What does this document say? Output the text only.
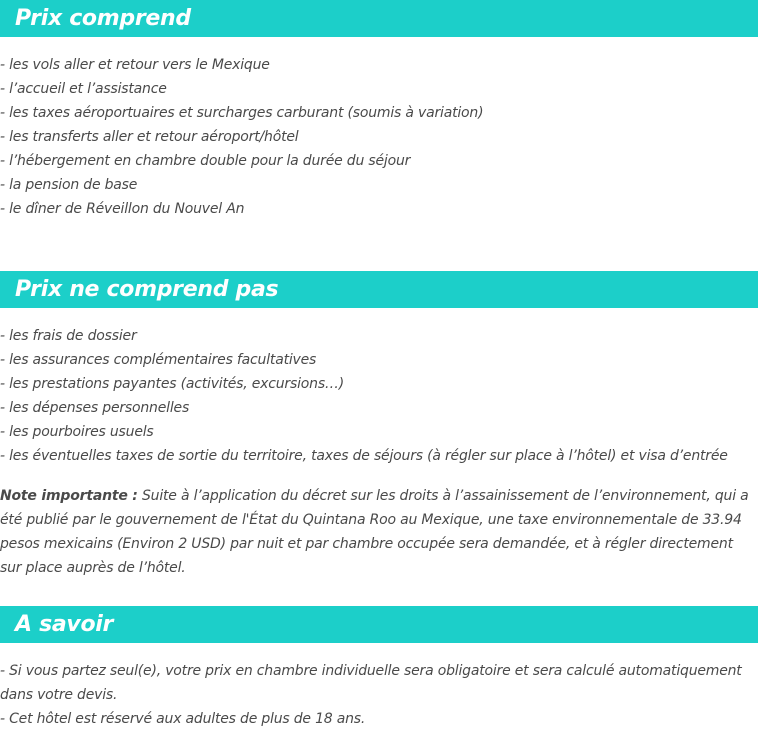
Prix comprend
- les vols aller et retour vers le Mexique
- l’accueil et l’assistance
- les taxes aéroportuaires et surcharges carburant (soumis à variation)
- les transferts aller et retour aéroport/hôtel
- l’hébergement en chambre double pour la durée du séjour
- la pension de base
- le dîner de Réveillon du Nouvel An
Prix ne comprend pas
- les frais de dossier
- les assurances complémentaires facultatives
- les prestations payantes (activités, excursions…)
- les dépenses personnelles
- les pourboires usuels
- les éventuelles taxes de sortie du territoire, taxes de séjours (à régler sur place à l’hôtel) et visa d’entrée

Note importante : Suite à l’application du décret sur les droits à l’assainissement de l’environnement, qui a été publié par le gouvernement de l'État du Quintana Roo au Mexique, une taxe environnementale de 33.94 pesos mexicains (Environ 2 USD) par nuit et par chambre occupée sera demandée, et à régler directement sur place auprès de l’hôtel.

A savoir
- Si vous partez seul(e), votre prix en chambre individuelle sera obligatoire et sera calculé automatiquement dans votre devis.
- Cet hôtel est réservé aux adultes de plus de 18 ans.
